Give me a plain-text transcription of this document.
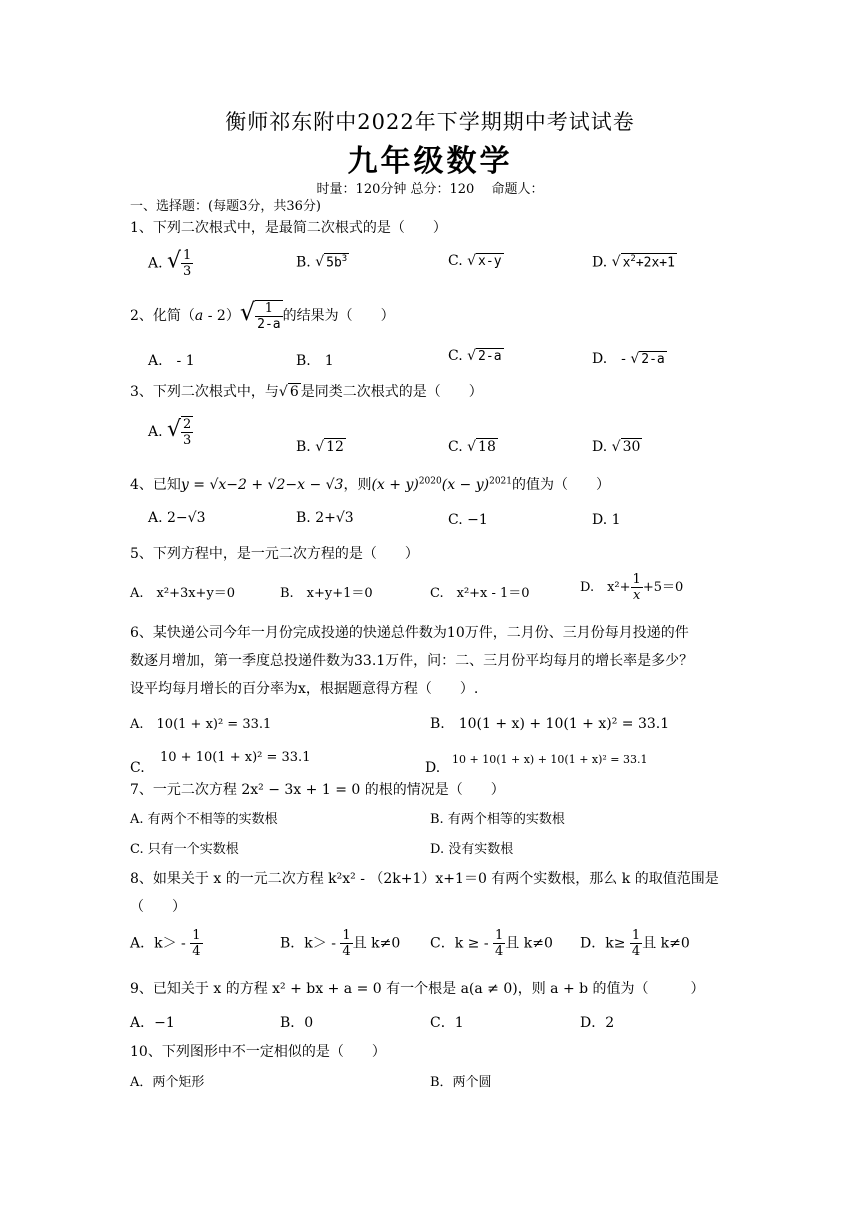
衡师祁东附中2022年下学期期中考试试卷
九年级数学
时量：120分钟 总分：120　 命题人：
一、选择题：(每题3分，共36分)
1、下列二次根式中，是最简二次根式的是（　　）
A. √ $\frac{1}{3}$	B. √ $5b^3$	C. √ x-y	D. √ $x^2+2x+1$
2、化简$(a - 2)√ \frac{1}{2-a}$ 的结果为（　　）
A.　- 1	B.　1	C. √ 2-a	D.　- √ 2-a
3、下列二次根式中，与 √ 6 是同类二次根式的是（　　）
A. √ $\frac{2}{3}$	B. √ 12	C. √ 18	D. √ 30
4、已知y = √x−2 + √2−x − √3，则$(x + y)^{2020}(x - y)^{2021}$的值为（　　）
A. 2−√3	B. 2+√3	C. −1	D. 1
5、下列方程中，是一元二次方程的是（　　）
A.　x²+3x+y＝0	B.　x+y+1＝0	C.　x²+x - 1＝0	D.　$x^2+ \frac{1}{x} +5=0$
6、某快递公司今年一月份完成投递的快递总件数为10万件，二月份、三月份每月投递的件
数逐月增加，第一季度总投递件数为33.1万件，问：二、三月份平均每月的增长率是多少？
设平均每月增长的百分率为x，根据题意得方程（　　）.
A.　10(1 + x)² = 33.1	B.　10(1 + x) + 10(1 + x)² = 33.1
C.
10 + 10(1 + x)² = 33.1
D.
10 + 10(1 + x) + 10(1 + x)² = 33.1
7、一元二次方程 2x² − 3x + 1 = 0 的根的情况是（　　）
A. 有两个不相等的实数根	B. 有两个相等的实数根
C. 只有一个实数根	D. 没有实数根
8、如果关于 x 的一元二次方程 k²x² - （2k+1）x+1＝0 有两个实数根，那么 k 的取值范围是
（　　）
A．$k> - \frac{1}{4}$	B．$k> - \frac{1}{4}$ 且 k≠0 C．k ≥ - $\frac{1}{4}$ 且 k≠0 D．$k\ge \frac{1}{4}$ 且 k≠0
9、已知关于 x 的方程 x² + bx + a = 0 有一个根是 a(a ≠ 0)，则 a + b 的值为（　　　）
A．−1	B．0	C．1	D．2
10、下列图形中不一定相似的是（　　）
A．两个矩形	B．两个圆
